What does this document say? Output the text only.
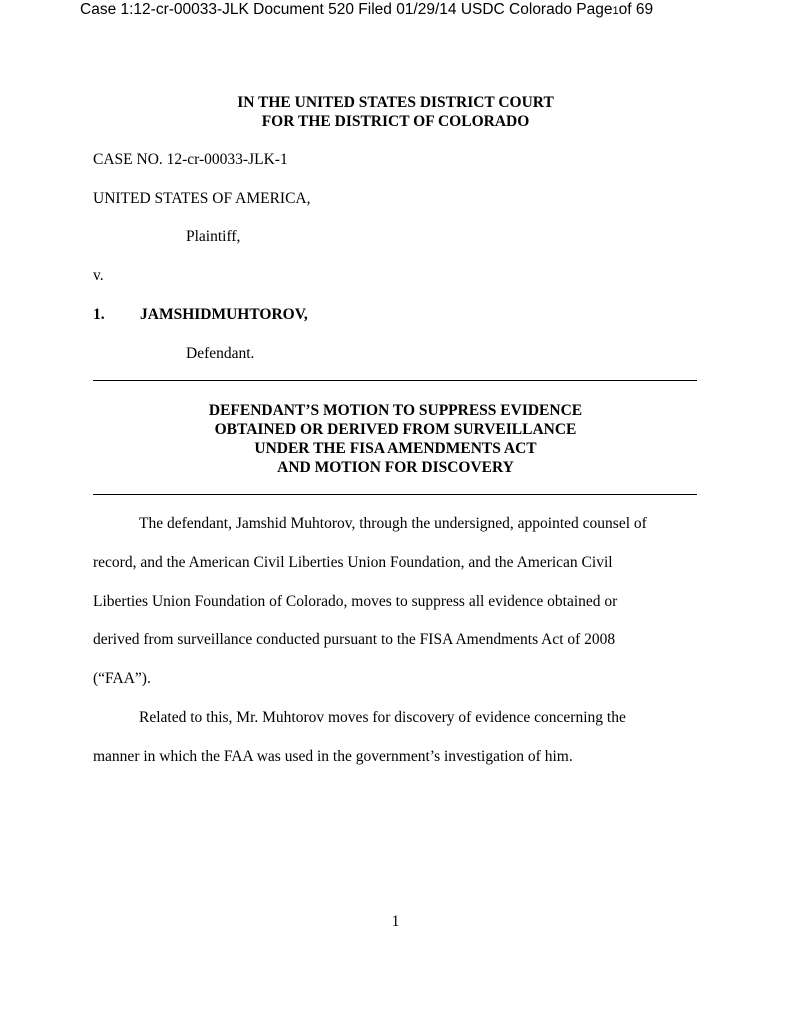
Case 1:12-cr-00033-JLK Document 520 Filed 01/29/14 USDC Colorado Page1of 69
IN THE UNITED STATES DISTRICT COURT
FOR THE DISTRICT OF COLORADO
CASE NO. 12-cr-00033-JLK-1
UNITED STATES OF AMERICA,
Plaintiff,
v.
1. JAMSHIDMUHTOROV,
Defendant.
DEFENDANT’S MOTION TO SUPPRESS EVIDENCE
OBTAINED OR DERIVED FROM SURVEILLANCE
UNDER THE FISA AMENDMENTS ACT
AND MOTION FOR DISCOVERY

The defendant, Jamshid Muhtorov, through the undersigned, appointed counsel of
record, and the American Civil Liberties Union Foundation, and the American Civil
Liberties Union Foundation of Colorado, moves to suppress all evidence obtained or
derived from surveillance conducted pursuant to the FISA Amendments Act of 2008
(“FAA”).

Related to this, Mr. Muhtorov moves for discovery of evidence concerning the
manner in which the FAA was used in the government’s investigation of him.

1
